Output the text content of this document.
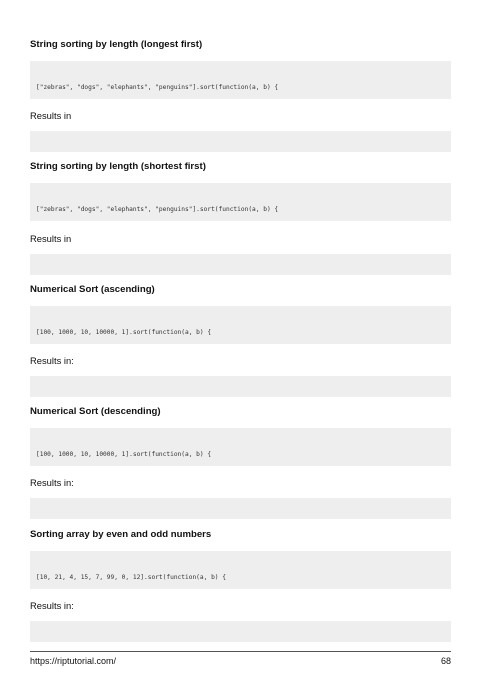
String sorting by length (longest first)

["zebras", "dogs", "elephants", "penguins"].sort(function(a, b) {

Results in

String sorting by length (shortest first)

["zebras", "dogs", "elephants", "penguins"].sort(function(a, b) {

Results in

Numerical Sort (ascending)

[100, 1000, 10, 10000, 1].sort(function(a, b) {

Results in:

Numerical Sort (descending)

[100, 1000, 10, 10000, 1].sort(function(a, b) {

Results in:

Sorting array by even and odd numbers

[10, 21, 4, 15, 7, 99, 0, 12].sort(function(a, b) {

Results in:

https://riptutorial.com/	68
